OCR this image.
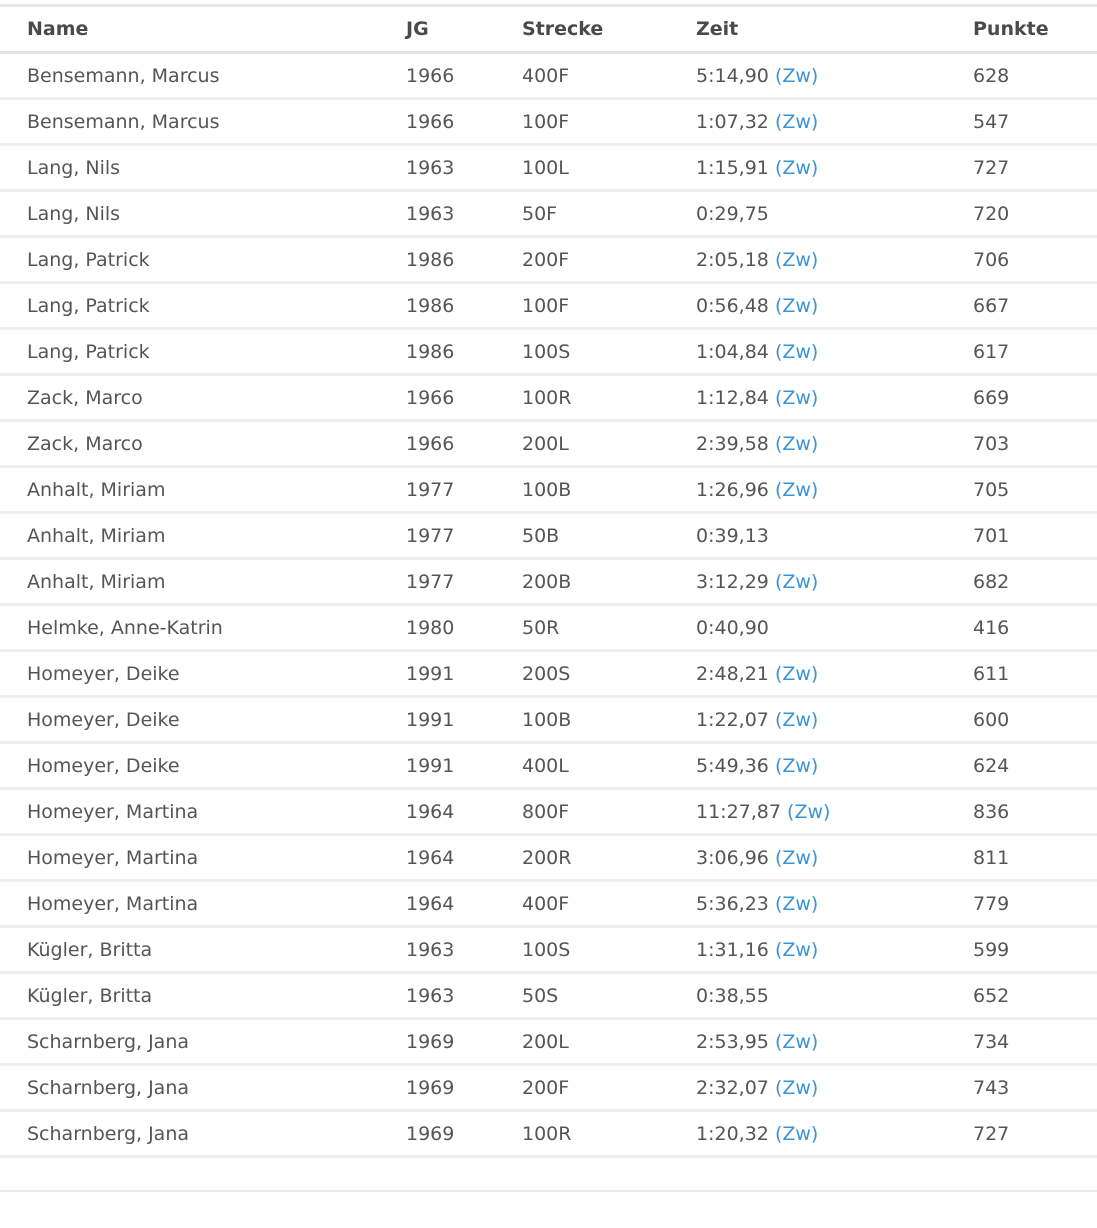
Name	JG	Strecke	Zeit	Punkte
Bensemann, Marcus	1966	400F	5:14,90 (Zw)	628
Bensemann, Marcus	1966	100F	1:07,32 (Zw)	547
Lang, Nils	1963	100L	1:15,91 (Zw)	727
Lang, Nils	1963	50F	0:29,75	720
Lang, Patrick	1986	200F	2:05,18 (Zw)	706
Lang, Patrick	1986	100F	0:56,48 (Zw)	667
Lang, Patrick	1986	100S	1:04,84 (Zw)	617
Zack, Marco	1966	100R	1:12,84 (Zw)	669
Zack, Marco	1966	200L	2:39,58 (Zw)	703
Anhalt, Miriam	1977	100B	1:26,96 (Zw)	705
Anhalt, Miriam	1977	50B	0:39,13	701
Anhalt, Miriam	1977	200B	3:12,29 (Zw)	682
Helmke, Anne-Katrin	1980	50R	0:40,90	416
Homeyer, Deike	1991	200S	2:48,21 (Zw)	611
Homeyer, Deike	1991	100B	1:22,07 (Zw)	600
Homeyer, Deike	1991	400L	5:49,36 (Zw)	624
Homeyer, Martina	1964	800F	11:27,87 (Zw)	836
Homeyer, Martina	1964	200R	3:06,96 (Zw)	811
Homeyer, Martina	1964	400F	5:36,23 (Zw)	779
Kügler, Britta	1963	100S	1:31,16 (Zw)	599
Kügler, Britta	1963	50S	0:38,55	652
Scharnberg, Jana	1969	200L	2:53,95 (Zw)	734
Scharnberg, Jana	1969	200F	2:32,07 (Zw)	743
Scharnberg, Jana	1969	100R	1:20,32 (Zw)	727
